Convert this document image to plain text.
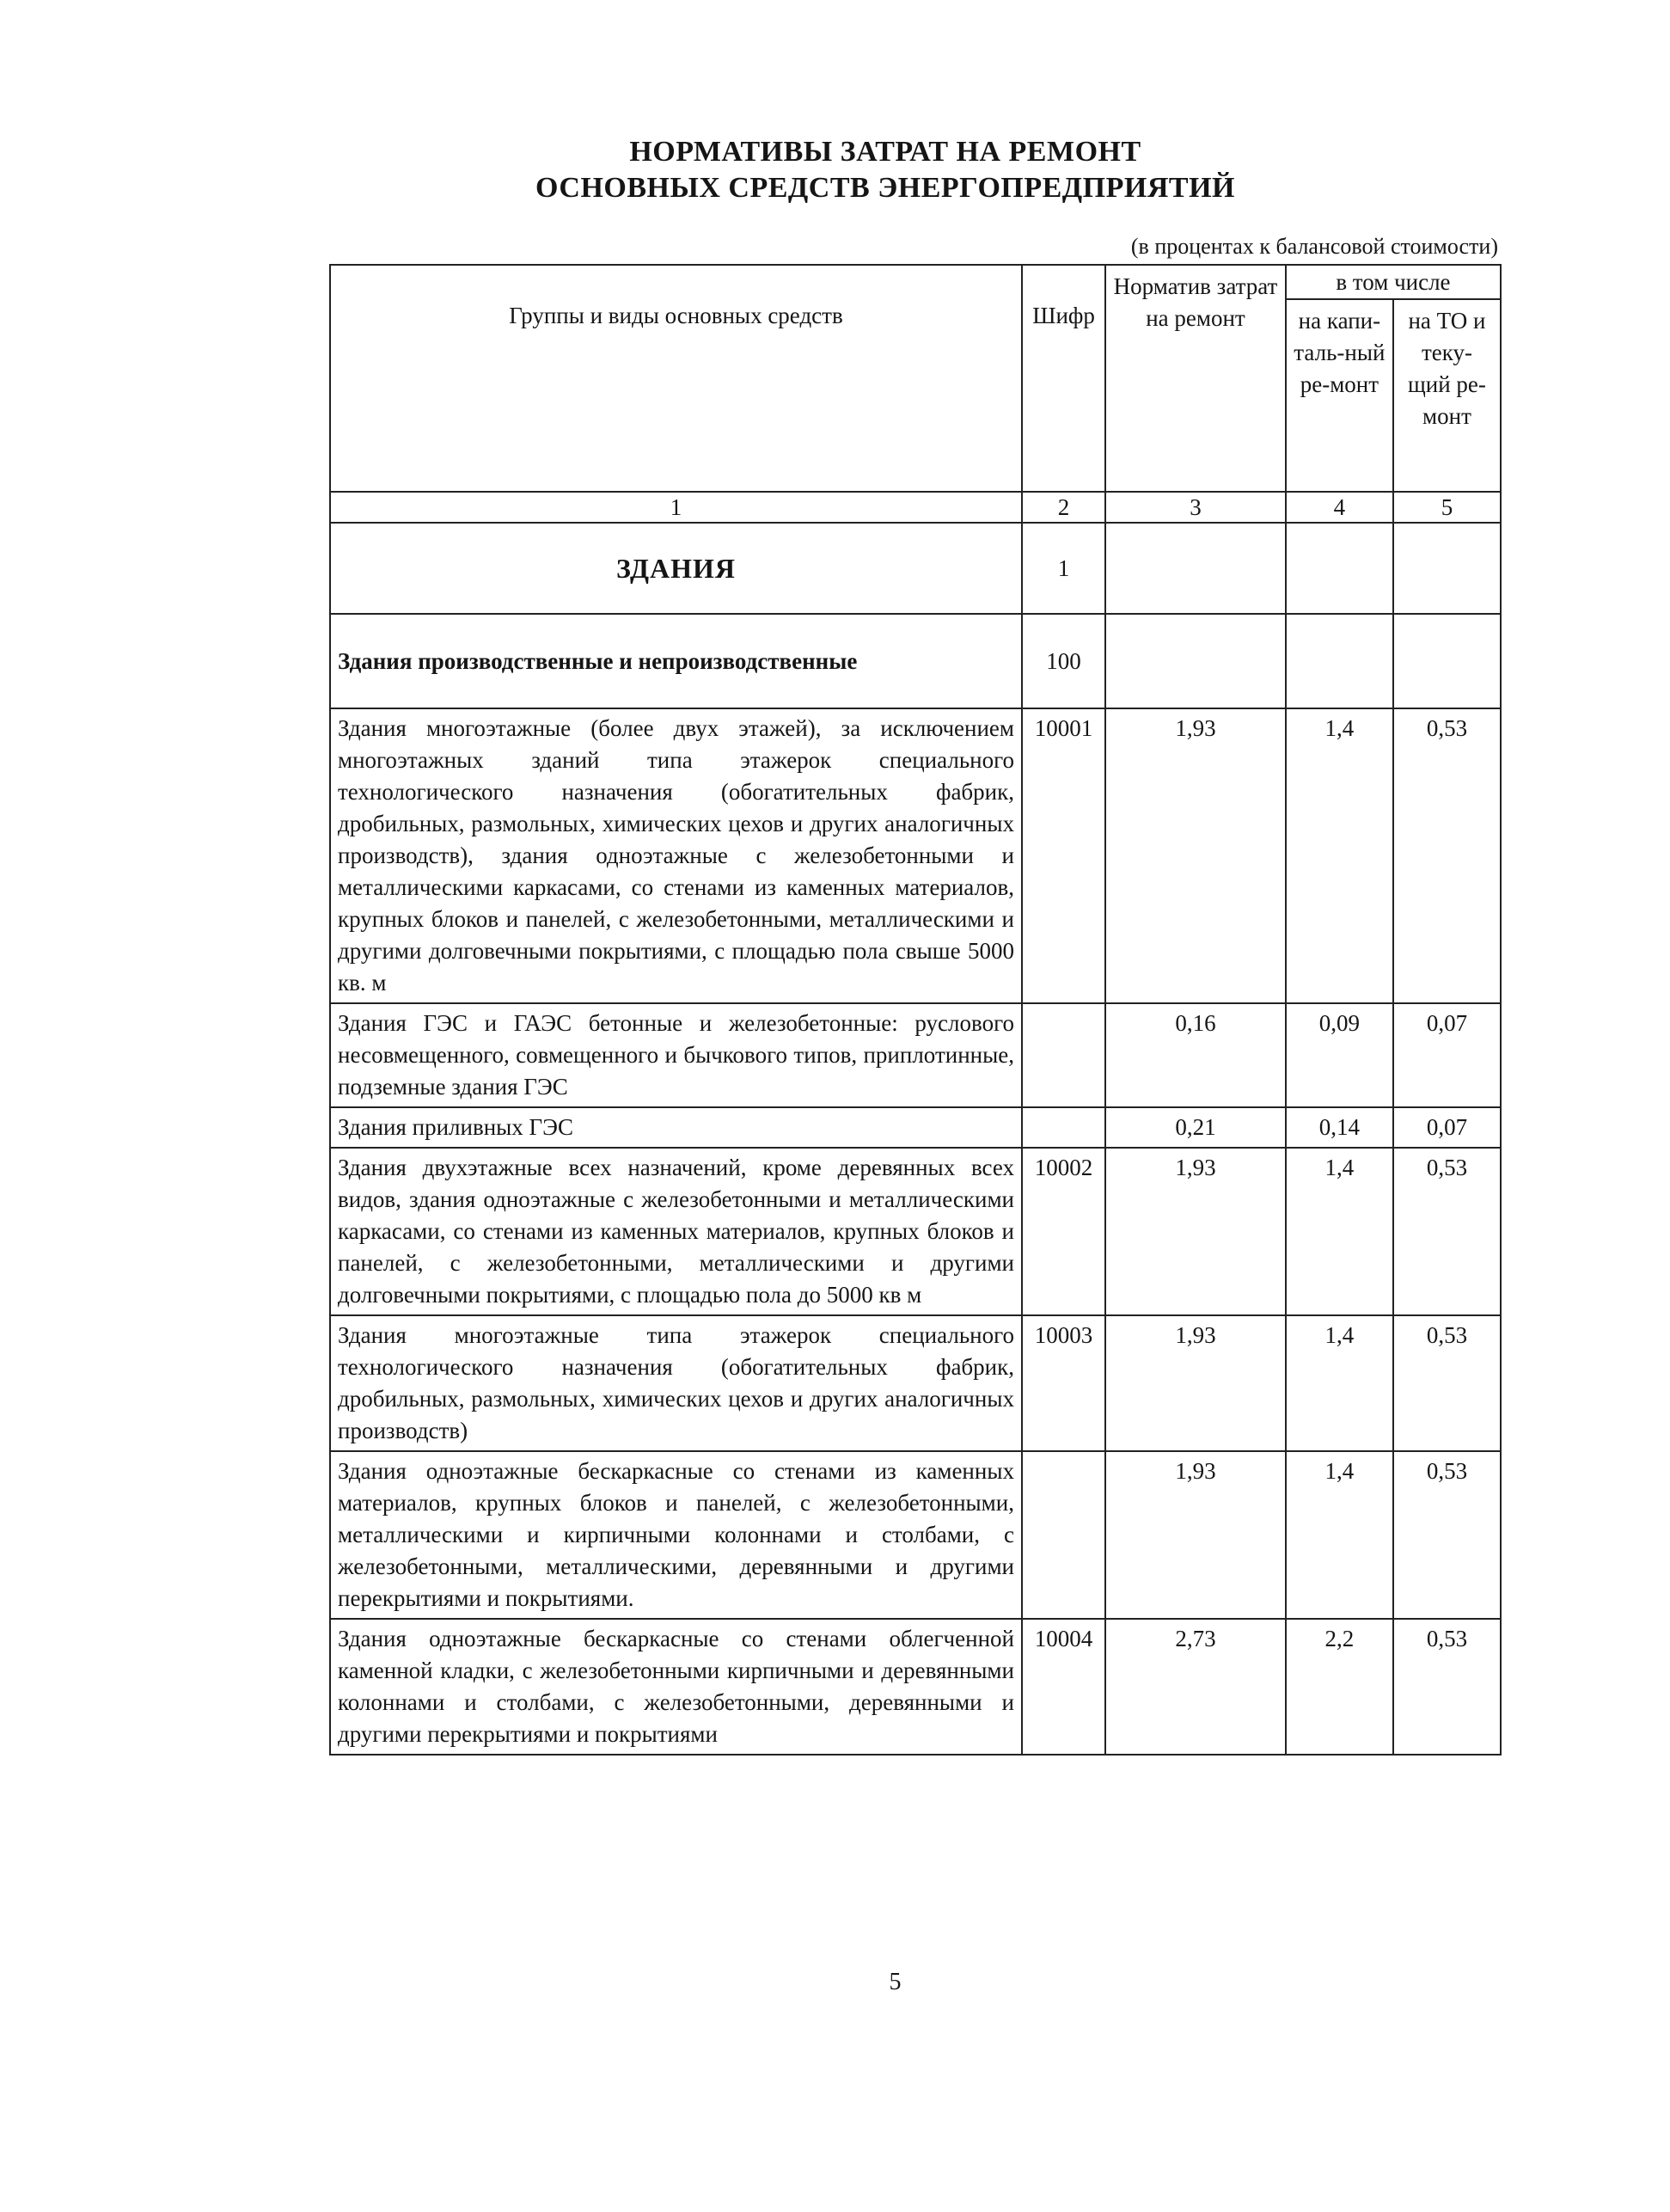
НОРМАТИВЫ ЗАТРАТ НА РЕМОНТ
ОСНОВНЫХ СРЕДСТВ ЭНЕРГОПРЕДПРИЯТИЙ
(в процентах к балансовой стоимости)
Группы и виды основных средств	Шифр	Норматив затрат на ремонт	в том числе	
			на капи-таль-ный ре-монт	на ТО и теку-щий ре-монт
1	2	3	4	5
ЗДАНИЯ	1			
Здания производственные и непроизводственные	100			
Здания многоэтажные (более двух этажей), за исключением многоэтажных зданий типа этажерок специального технологического назначения (обогатительных фабрик, дробильных, размольных, химических цехов и других аналогичных производств), здания одноэтажные с железобетонными и металлическими каркасами, со стенами из каменных материалов, крупных блоков и панелей, с железобетонными, металлическими и другими долговечными покрытиями, с площадью пола свыше 5000 кв. м	10001	1,93	1,4	0,53
Здания ГЭС и ГАЭС бетонные и железобетонные: руслового несовмещенного, совмещенного и бычкового типов, приплотинные, подземные здания ГЭС		0,16	0,09	0,07
Здания приливных ГЭС		0,21	0,14	0,07
Здания двухэтажные всех назначений, кроме деревянных всех видов, здания одноэтажные с железобетонными и металлическими каркасами, со стенами из каменных материалов, крупных блоков и панелей, с железобетонными, металлическими и другими долговечными покрытиями, с площадью пола до 5000 кв м	10002	1,93	1,4	0,53
Здания многоэтажные типа этажерок специального технологического назначения (обогатительных фабрик, дробильных, размольных, химических цехов и других аналогичных производств)	10003	1,93	1,4	0,53
Здания одноэтажные бескаркасные со стенами из каменных материалов, крупных блоков и панелей, с железобетонными, металлическими и кирпичными колоннами и столбами, с железобетонными, металлическими, деревянными и другими перекрытиями и покрытиями.		1,93	1,4	0,53
Здания одноэтажные бескаркасные со стенами облегченной каменной кладки, с железобетонными кирпичными и деревянными колоннами и столбами, с железобетонными, деревянными и другими перекрытиями и покрытиями	10004	2,73	2,2	0,53
5
